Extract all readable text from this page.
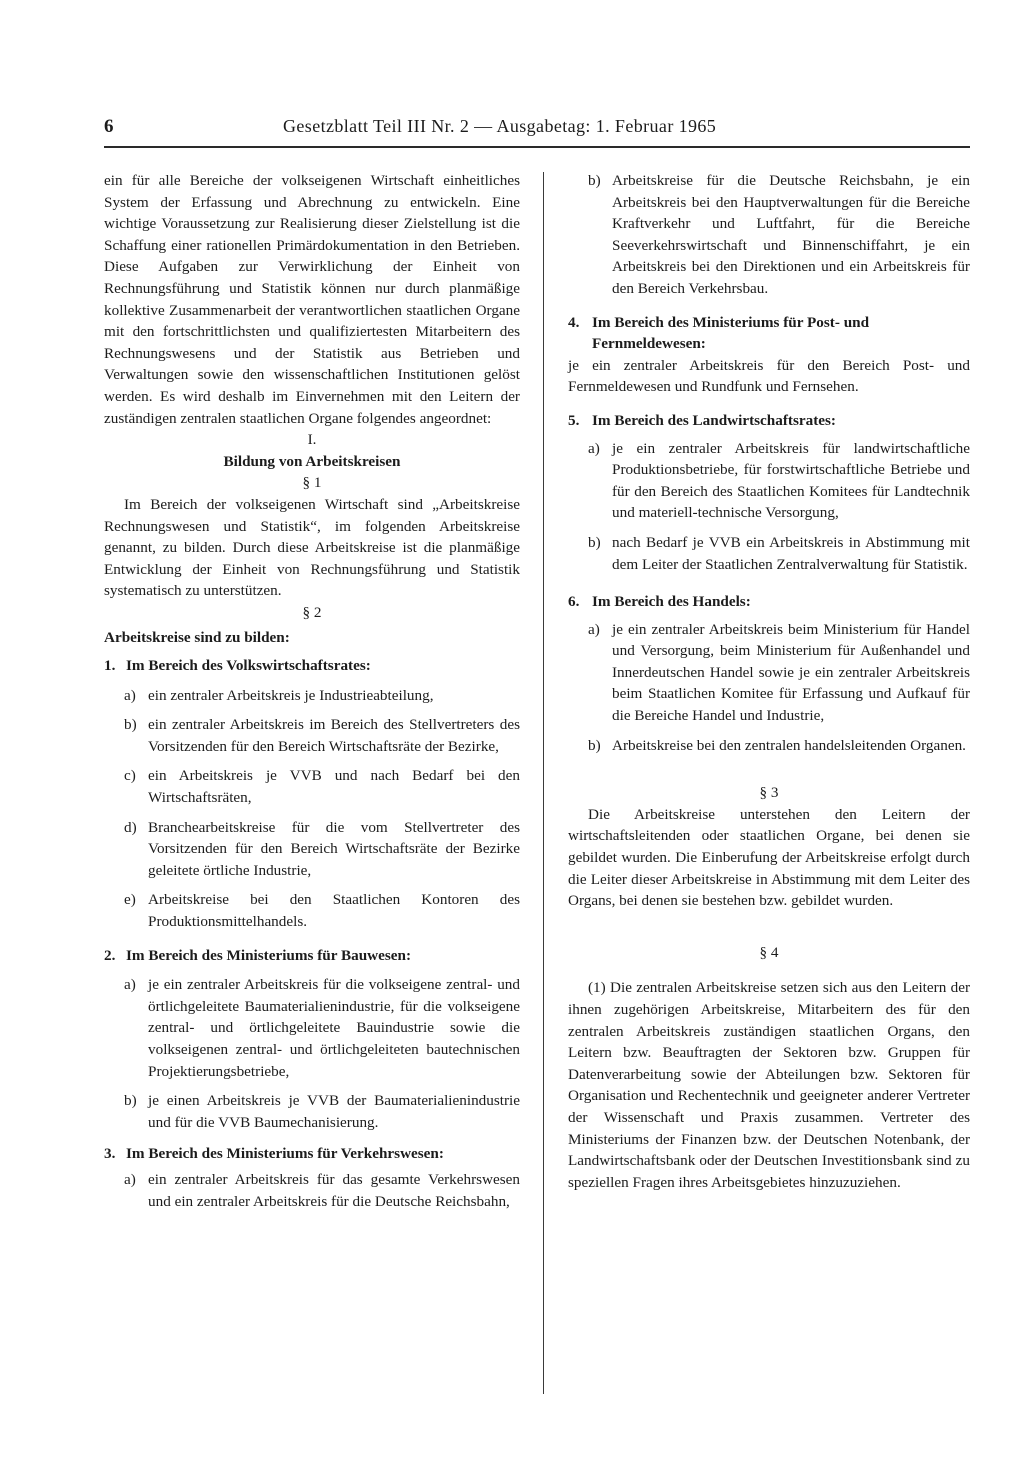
6	Gesetzblatt Teil III Nr. 2 — Ausgabetag: 1. Februar 1965

ein für alle Bereiche der volkseigenen Wirtschaft einheitliches System der Erfassung und Abrechnung zu entwickeln. Eine wichtige Voraussetzung zur Realisierung dieser Zielstellung ist die Schaffung einer rationellen Primärdokumentation in den Betrieben. Diese Aufgaben zur Verwirklichung der Einheit von Rechnungsführung und Statistik können nur durch planmäßige kollektive Zusammenarbeit der verantwortlichen staatlichen Organe mit den fortschrittlichsten und qualifiziertesten Mitarbeitern des Rechnungswesens und der Statistik aus Betrieben und Verwaltungen sowie den wissenschaftlichen Institutionen gelöst werden. Es wird deshalb im Einvernehmen mit den Leitern der zuständigen zentralen staatlichen Organe folgendes angeordnet:

I.

Bildung von Arbeitskreisen

§ 1

Im Bereich der volkseigenen Wirtschaft sind „Arbeitskreise Rechnungswesen und Statistik“, im folgenden Arbeitskreise genannt, zu bilden. Durch diese Arbeitskreise ist die planmäßige Entwicklung der Einheit von Rechnungsführung und Statistik systematisch zu unterstützen.

§ 2

Arbeitskreise sind zu bilden:

1. Im Bereich des Volkswirtschaftsrates:
a) ein zentraler Arbeitskreis je Industrieabteilung,
b) ein zentraler Arbeitskreis im Bereich des Stellvertreters des Vorsitzenden für den Bereich Wirtschaftsräte der Bezirke,
c) ein Arbeitskreis je VVB und nach Bedarf bei den Wirtschaftsräten,
d) Branchearbeitskreise für die vom Stellvertreter des Vorsitzenden für den Bereich Wirtschaftsräte der Bezirke geleitete örtliche Industrie,
e) Arbeitskreise bei den Staatlichen Kontoren des Produktionsmittelhandels.
2. Im Bereich des Ministeriums für Bauwesen:
a) je ein zentraler Arbeitskreis für die volkseigene zentral- und örtlichgeleitete Baumaterialienindustrie, für die volkseigene zentral- und örtlichgeleitete Bauindustrie sowie die volkseigenen zentral- und örtlichgeleiteten bautechnischen Projektierungsbetriebe,
b) je einen Arbeitskreis je VVB der Baumaterialienindustrie und für die VVB Baumechanisierung.
3. Im Bereich des Ministeriums für Verkehrswesen:
a) ein zentraler Arbeitskreis für das gesamte Verkehrswesen und ein zentraler Arbeitskreis für die Deutsche Reichsbahn,
b) Arbeitskreise für die Deutsche Reichsbahn, je ein Arbeitskreis bei den Hauptverwaltungen für die Bereiche Kraftverkehr und Luftfahrt, für die Bereiche Seeverkehrswirtschaft und Binnenschiffahrt, je ein Arbeitskreis bei den Direktionen und ein Arbeitskreis für den Bereich Verkehrsbau.
4. Im Bereich des Ministeriums für Post- und Fernmeldewesen:

je ein zentraler Arbeitskreis für den Bereich Post- und Fernmeldewesen und Rundfunk und Fernsehen.

5. Im Bereich des Landwirtschaftsrates:
a) je ein zentraler Arbeitskreis für landwirtschaftliche Produktionsbetriebe, für forstwirtschaftliche Betriebe und für den Bereich des Staatlichen Komitees für Landtechnik und materiell-technische Versorgung,
b) nach Bedarf je VVB ein Arbeitskreis in Abstimmung mit dem Leiter der Staatlichen Zentralverwaltung für Statistik.
6. Im Bereich des Handels:
a) je ein zentraler Arbeitskreis beim Ministerium für Handel und Versorgung, beim Ministerium für Außenhandel und Innerdeutschen Handel sowie je ein zentraler Arbeitskreis beim Staatlichen Komitee für Erfassung und Aufkauf für die Bereiche Handel und Industrie,
b) Arbeitskreise bei den zentralen handelsleitenden Organen.

§ 3

Die Arbeitskreise unterstehen den Leitern der wirtschaftsleitenden oder staatlichen Organe, bei denen sie gebildet wurden. Die Einberufung der Arbeitskreise erfolgt durch die Leiter dieser Arbeitskreise in Abstimmung mit dem Leiter des Organs, bei denen sie bestehen bzw. gebildet wurden.

§ 4

(1) Die zentralen Arbeitskreise setzen sich aus den Leitern der ihnen zugehörigen Arbeitskreise, Mitarbeitern des für den zentralen Arbeitskreis zuständigen staatlichen Organs, den Leitern bzw. Beauftragten der Sektoren bzw. Gruppen für Datenverarbeitung sowie der Abteilungen bzw. Sektoren für Organisation und Rechentechnik und geeigneter anderer Vertreter der Wissenschaft und Praxis zusammen. Vertreter des Ministeriums der Finanzen bzw. der Deutschen Notenbank, der Landwirtschaftsbank oder der Deutschen Investitionsbank sind zu speziellen Fragen ihres Arbeitsgebietes hinzuzuziehen.
